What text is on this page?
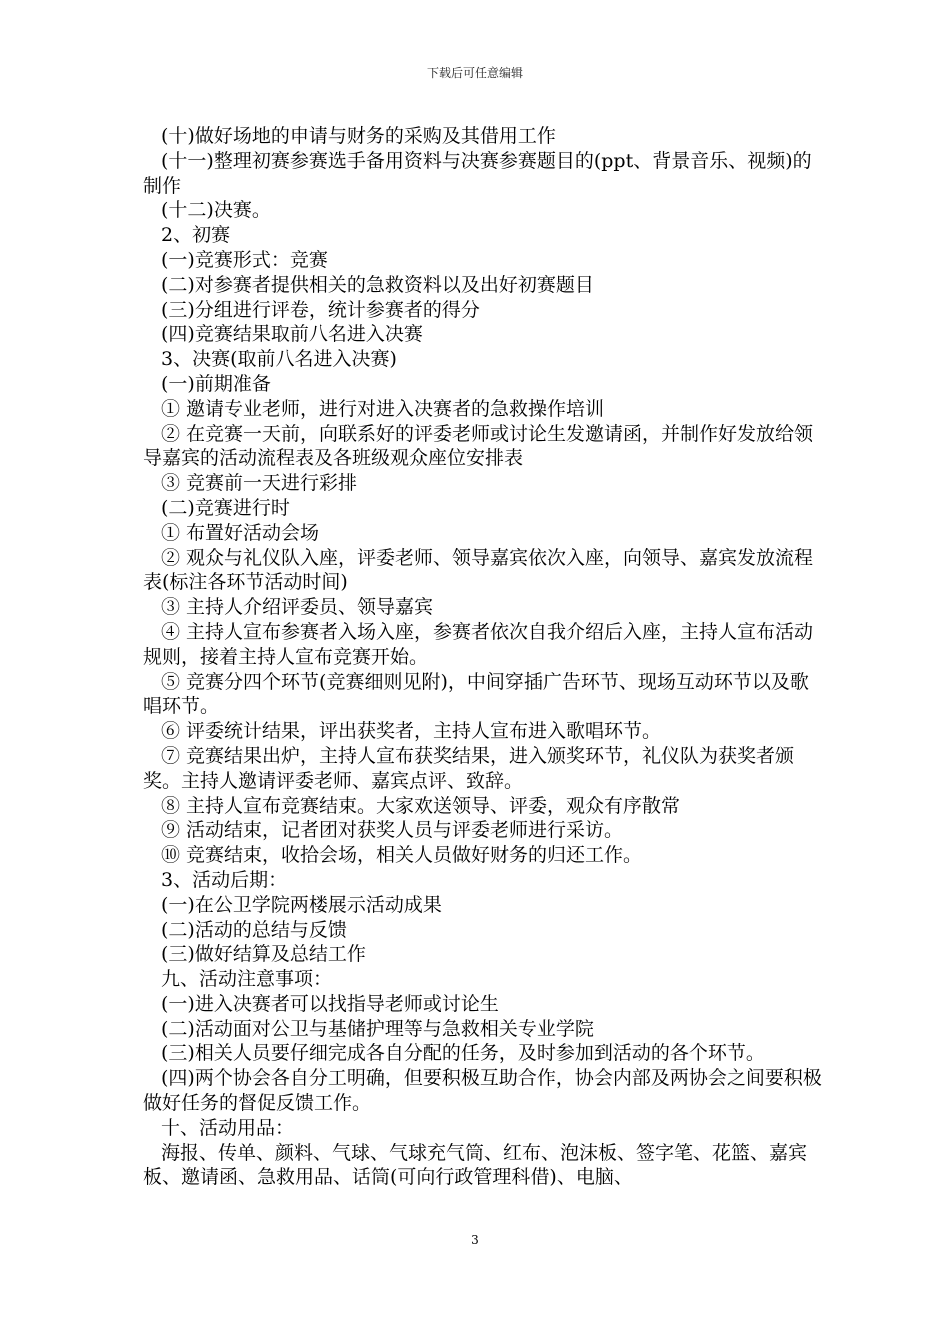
下载后可任意编辑

(十)做好场地的申请与财务的采购及其借用工作

(十一)整理初赛参赛选手备用资料与决赛参赛题目的(ppt、背景音乐、视频)的制作

(十二)决赛。

2、初赛

(一)竞赛形式：竞赛

(二)对参赛者提供相关的急救资料以及出好初赛题目

(三)分组进行评卷，统计参赛者的得分

(四)竞赛结果取前八名进入决赛

3、决赛(取前八名进入决赛)

(一)前期准备

① 邀请专业老师，进行对进入决赛者的急救操作培训

② 在竞赛一天前，向联系好的评委老师或讨论生发邀请函，并制作好发放给领导嘉宾的活动流程表及各班级观众座位安排表

③ 竞赛前一天进行彩排

(二)竞赛进行时

① 布置好活动会场

② 观众与礼仪队入座，评委老师、领导嘉宾依次入座，向领导、嘉宾发放流程表(标注各环节活动时间)

③ 主持人介绍评委员、领导嘉宾

④ 主持人宣布参赛者入场入座，参赛者依次自我介绍后入座，主持人宣布活动规则，接着主持人宣布竞赛开始。

⑤ 竞赛分四个环节(竞赛细则见附)，中间穿插广告环节、现场互动环节以及歌唱环节。

⑥ 评委统计结果，评出获奖者，主持人宣布进入歌唱环节。

⑦ 竞赛结果出炉，主持人宣布获奖结果，进入颁奖环节，礼仪队为获奖者颁奖。主持人邀请评委老师、嘉宾点评、致辞。

⑧ 主持人宣布竞赛结束。大家欢送领导、评委，观众有序散常

⑨ 活动结束，记者团对获奖人员与评委老师进行采访。

⑩ 竞赛结束，收拾会场，相关人员做好财务的归还工作。

3、活动后期：

(一)在公卫学院两楼展示活动成果

(二)活动的总结与反馈

(三)做好结算及总结工作

九、活动注意事项：

(一)进入决赛者可以找指导老师或讨论生

(二)活动面对公卫与基储护理等与急救相关专业学院

(三)相关人员要仔细完成各自分配的任务，及时参加到活动的各个环节。

(四)两个协会各自分工明确，但要积极互助合作，协会内部及两协会之间要积极做好任务的督促反馈工作。

十、活动用品：

海报、传单、颜料、气球、气球充气筒、红布、泡沫板、签字笔、花篮、嘉宾板、邀请函、急救用品、话筒(可向行政管理科借)、电脑、

3
